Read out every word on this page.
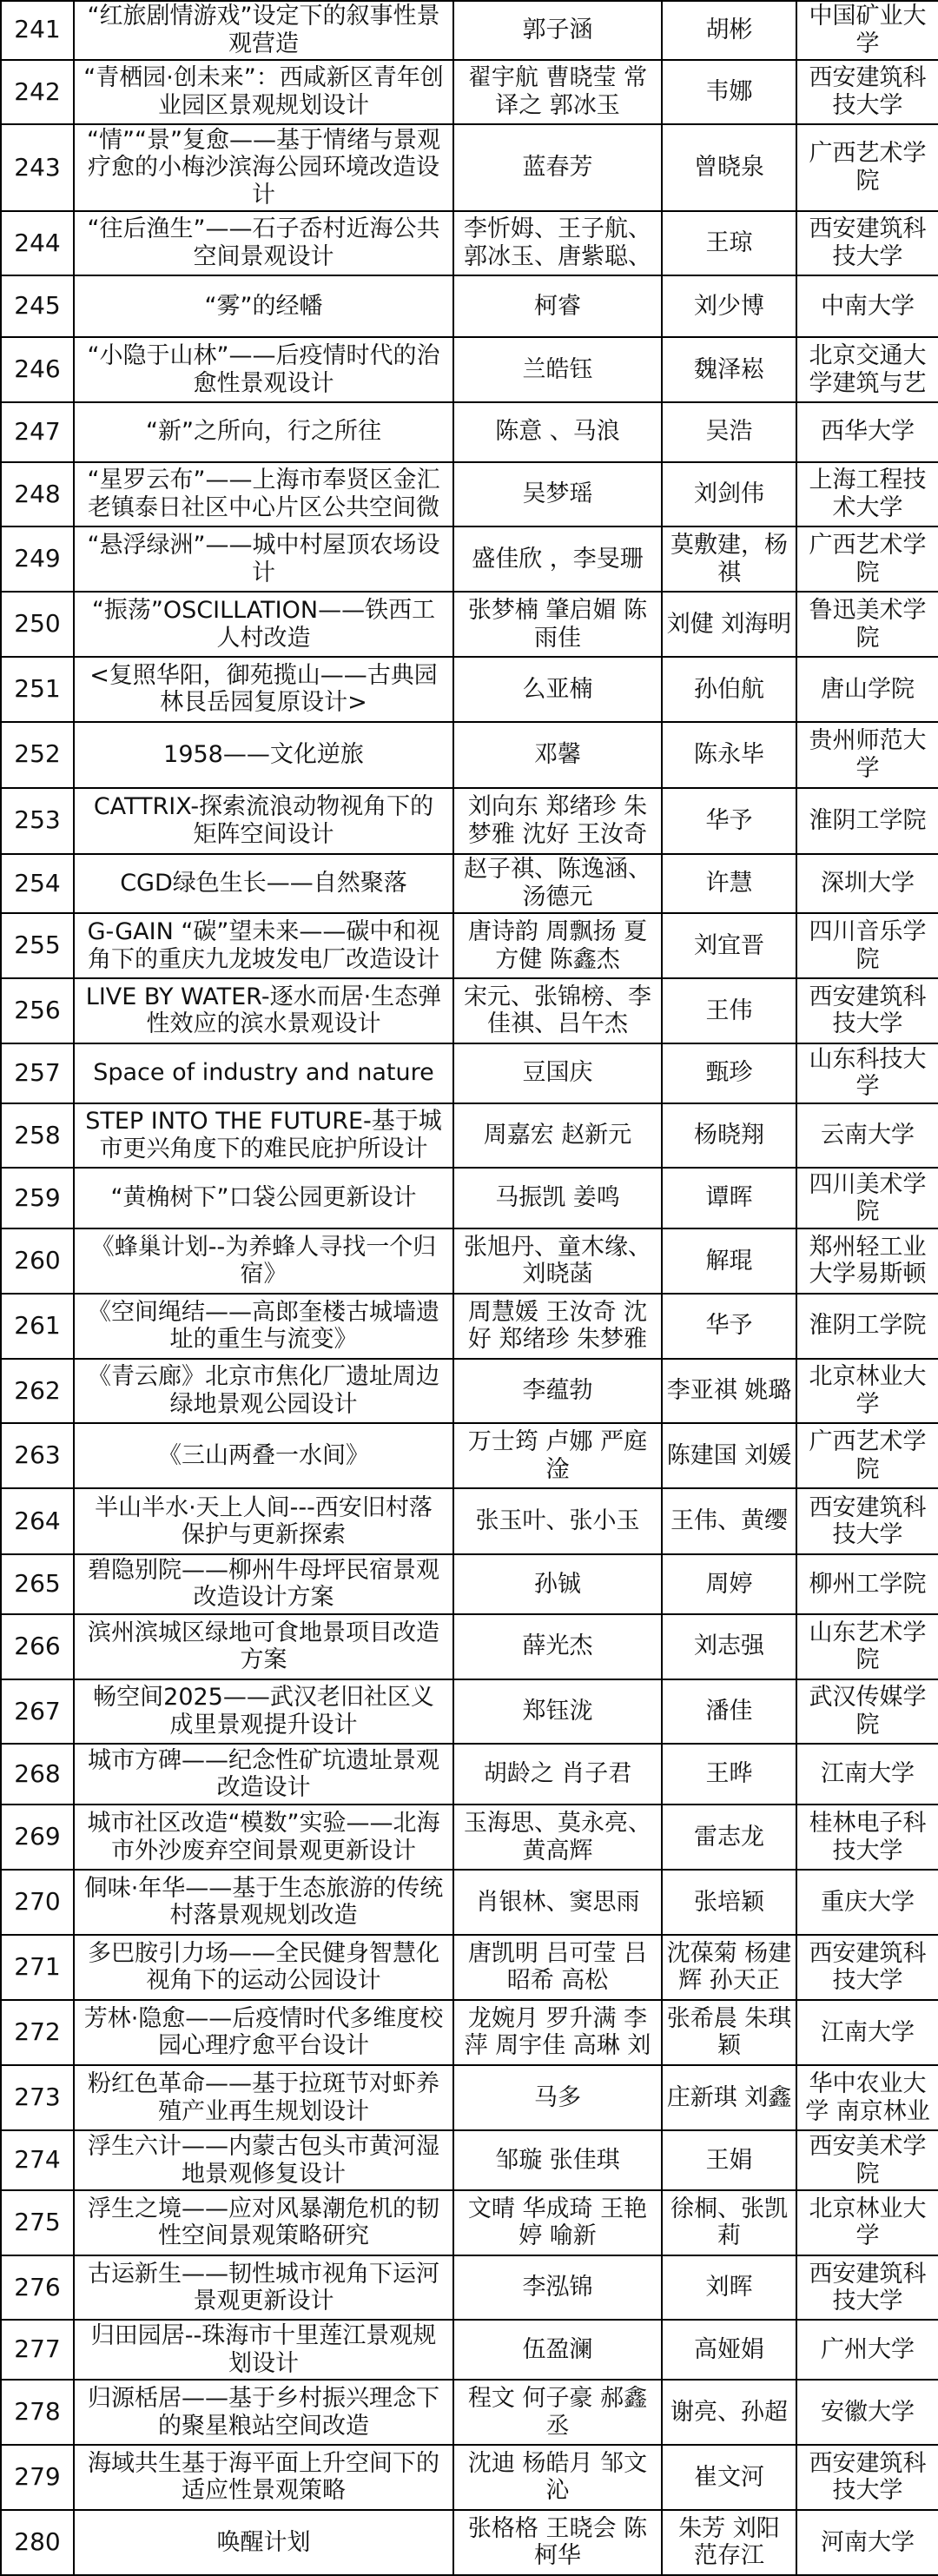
241	“红旅剧情游戏”设定下的叙事性景观营造	郭子涵	胡彬	中国矿业大学
242	“青栖园·创未来”：西咸新区青年创业园区景观规划设计	翟宇航 曹晓莹 常译之 郭冰玉	韦娜	西安建筑科技大学
243	“情”“景”复愈——基于情绪与景观疗愈的小梅沙滨海公园环境改造设计	蓝春芳	曾晓泉	广西艺术学院
244	“往后渔生”——石子岙村近海公共空间景观设计	李忻姆、王子航、郭冰玉、唐紫聪、	王琼	西安建筑科技大学
245	“雾”的经幡	柯睿	刘少博	中南大学
246	“小隐于山林”——后疫情时代的治愈性景观设计	兰皓钰	魏泽崧	北京交通大学建筑与艺
247	“新”之所向，行之所往	陈意 、马浪	吴浩	西华大学
248	“星罗云布”——上海市奉贤区金汇老镇泰日社区中心片区公共空间微	吴梦瑶	刘剑伟	上海工程技术大学
249	“悬浮绿洲”——城中村屋顶农场设计	盛佳欣 ，李旻珊	莫敷建，杨祺	广西艺术学院
250	“振荡”OSCILLATION——铁西工人村改造	张梦楠 肇启媚 陈雨佳	刘健 刘海明	鲁迅美术学院
251	<复照华阳，御苑揽山——古典园林艮岳园复原设计>	么亚楠	孙伯航	唐山学院
252	1958——文化逆旅	邓馨	陈永毕	贵州师范大学
253	CATTRIX-探索流浪动物视角下的矩阵空间设计	刘向东 郑绪珍 朱梦雅 沈好 王汝奇	华予	淮阴工学院
254	CGD绿色生长——自然聚落	赵子祺、陈逸涵、汤德元	许慧	深圳大学
255	G-GAIN “碳”望未来——碳中和视角下的重庆九龙坡发电厂改造设计	唐诗韵 周飘扬 夏方健 陈鑫杰	刘宜晋	四川音乐学院
256	LIVE BY WATER-逐水而居·生态弹性效应的滨水景观设计	宋元、张锦榜、李佳祺、吕午杰	王伟	西安建筑科技大学
257	Space of industry and nature	豆国庆	甄珍	山东科技大学
258	STEP INTO THE FUTURE-基于城市更兴角度下的难民庇护所设计	周嘉宏 赵新元	杨晓翔	云南大学
259	“黄桷树下”口袋公园更新设计	马振凯 姜鸣	谭晖	四川美术学院
260	《蜂巢计划--为养蜂人寻找一个归宿》	张旭丹、童木缘、刘晓菡	解琨	郑州轻工业大学易斯顿
261	《空间绳结——高郎奎楼古城墙遗址的重生与流变》	周慧媛 王汝奇 沈好 郑绪珍 朱梦雅	华予	淮阴工学院
262	《青云廊》北京市焦化厂遗址周边绿地景观公园设计	李蕴勃	李亚祺 姚璐	北京林业大学
263	《三山两叠一水间》	万士筠 卢娜 严庭淦	陈建国 刘媛	广西艺术学院
264	半山半水·天上人间---西安旧村落保护与更新探索	张玉叶、张小玉	王伟、黄缨	西安建筑科技大学
265	碧隐别院——柳州牛母坪民宿景观改造设计方案	孙铖	周婷	柳州工学院
266	滨州滨城区绿地可食地景项目改造方案	薛光杰	刘志强	山东艺术学院
267	畅空间2025——武汉老旧社区义成里景观提升设计	郑钰泷	潘佳	武汉传媒学院
268	城市方碑——纪念性矿坑遗址景观改造设计	胡龄之 肖子君	王晔	江南大学
269	城市社区改造“模数”实验——北海市外沙废弃空间景观更新设计	玉海思、莫永亮、黄高辉	雷志龙	桂林电子科技大学
270	侗味·年华——基于生态旅游的传统村落景观规划改造	肖银林、窦思雨	张培颖	重庆大学
271	多巴胺引力场——全民健身智慧化视角下的运动公园设计	唐凯明 吕可莹 吕昭希 高松	沈葆菊 杨建辉 孙天正	西安建筑科技大学
272	芳林·隐愈——后疫情时代多维度校园心理疗愈平台设计	龙婉月 罗升满 李萍 周宇佳 高琳 刘	张希晨 朱琪颖	江南大学
273	粉红色革命——基于拉斑节对虾养殖产业再生规划设计	马多	庄新琪 刘鑫	华中农业大学 南京林业
274	浮生六计——内蒙古包头市黄河湿地景观修复设计	邹璇 张佳琪	王娟	西安美术学院
275	浮生之境——应对风暴潮危机的韧性空间景观策略研究	文晴 华成琦 王艳婷 喻新	徐桐、张凯莉	北京林业大学
276	古运新生——韧性城市视角下运河景观更新设计	李泓锦	刘晖	西安建筑科技大学
277	归田园居--珠海市十里莲江景观规划设计	伍盈澜	高娅娟	广州大学
278	归源栝居——基于乡村振兴理念下的聚星粮站空间改造	程文 何子豪 郝鑫丞	谢亮、孙超	安徽大学
279	海域共生基于海平面上升空间下的适应性景观策略	沈迪 杨皓月 邹文沁	崔文河	西安建筑科技大学
280	唤醒计划	张格格 王晓会 陈柯华	朱芳 刘阳 范存江	河南大学
